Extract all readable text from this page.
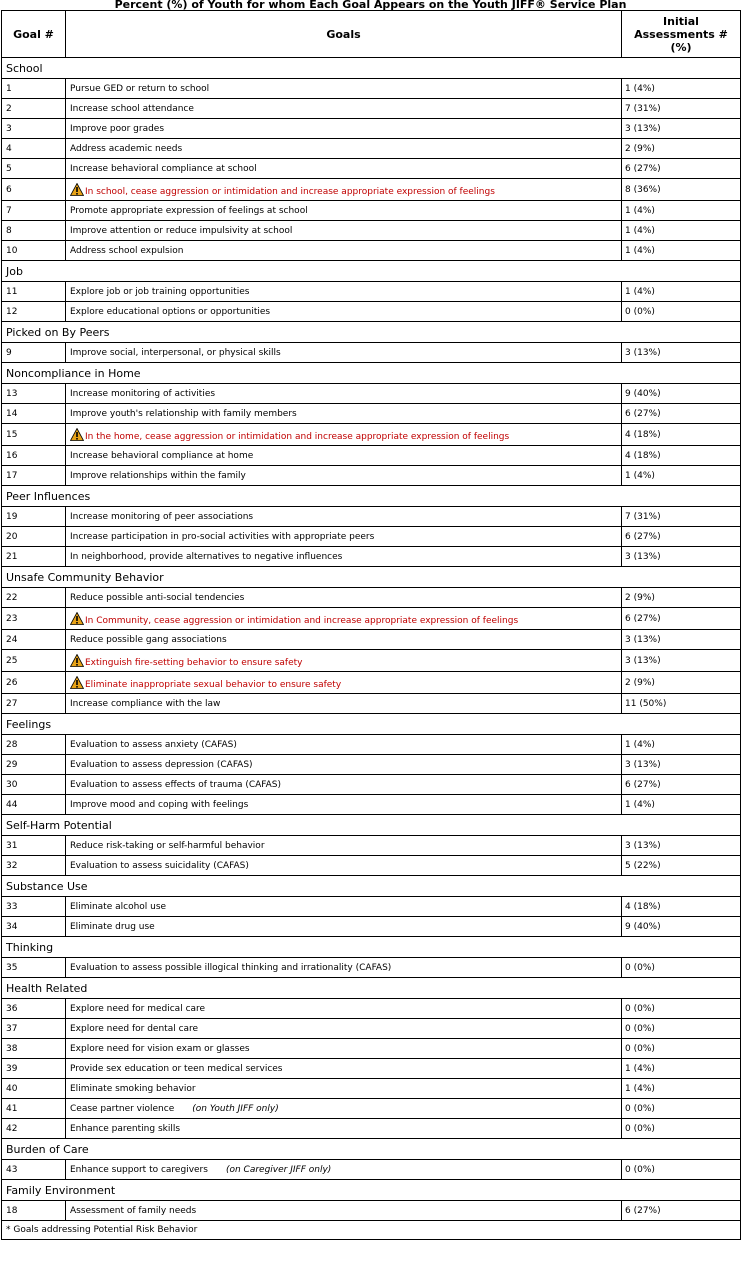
Percent (%) of Youth for whom Each Goal Appears on the Youth JIFF® Service Plan
Goal #	Goals	Initial Assessments # (%)
School		
1	Pursue GED or return to school	1 (4%)
2	Increase school attendance	7 (31%)
3	Improve poor grades	3 (13%)
4	Address academic needs	2 (9%)
5	Increase behavioral compliance at school	6 (27%)
6	In school, cease aggression or intimidation and increase appropriate expression of feelings	8 (36%)
7	Promote appropriate expression of feelings at school	1 (4%)
8	Improve attention or reduce impulsivity at school	1 (4%)
10	Address school expulsion	1 (4%)
Job		
11	Explore job or job training opportunities	1 (4%)
12	Explore educational options or opportunities	0 (0%)
Picked on By Peers		
9	Improve social, interpersonal, or physical skills	3 (13%)
Noncompliance in Home		
13	Increase monitoring of activities	9 (40%)
14	Improve youth's relationship with family members	6 (27%)
15	In the home, cease aggression or intimidation and increase appropriate expression of feelings	4 (18%)
16	Increase behavioral compliance at home	4 (18%)
17	Improve relationships within the family	1 (4%)
Peer Influences		
19	Increase monitoring of peer associations	7 (31%)
20	Increase participation in pro-social activities with appropriate peers	6 (27%)
21	In neighborhood, provide alternatives to negative influences	3 (13%)
Unsafe Community Behavior		
22	Reduce possible anti-social tendencies	2 (9%)
23	In Community, cease aggression or intimidation and increase appropriate expression of feelings	6 (27%)
24	Reduce possible gang associations	3 (13%)
25	Extinguish fire-setting behavior to ensure safety	3 (13%)
26	Eliminate inappropriate sexual behavior to ensure safety	2 (9%)
27	Increase compliance with the law	11 (50%)
Feelings		
28	Evaluation to assess anxiety (CAFAS)	1 (4%)
29	Evaluation to assess depression (CAFAS)	3 (13%)
30	Evaluation to assess effects of trauma (CAFAS)	6 (27%)
44	Improve mood and coping with feelings	1 (4%)
Self-Harm Potential		
31	Reduce risk-taking or self-harmful behavior	3 (13%)
32	Evaluation to assess suicidality (CAFAS)	5 (22%)
Substance Use		
33	Eliminate alcohol use	4 (18%)
34	Eliminate drug use	9 (40%)
Thinking		
35	Evaluation to assess possible illogical thinking and irrationality (CAFAS)	0 (0%)
Health Related		
36	Explore need for medical care	0 (0%)
37	Explore need for dental care	0 (0%)
38	Explore need for vision exam or glasses	0 (0%)
39	Provide sex education or teen medical services	1 (4%)
40	Eliminate smoking behavior	1 (4%)
41	Cease partner violence (on Youth JIFF only)	0 (0%)
42	Enhance parenting skills	0 (0%)
Burden of Care		
43	Enhance support to caregivers (on Caregiver JIFF only)	0 (0%)
Family Environment		
18	Assessment of family needs	6 (27%)
* Goals addressing Potential Risk Behavior		
